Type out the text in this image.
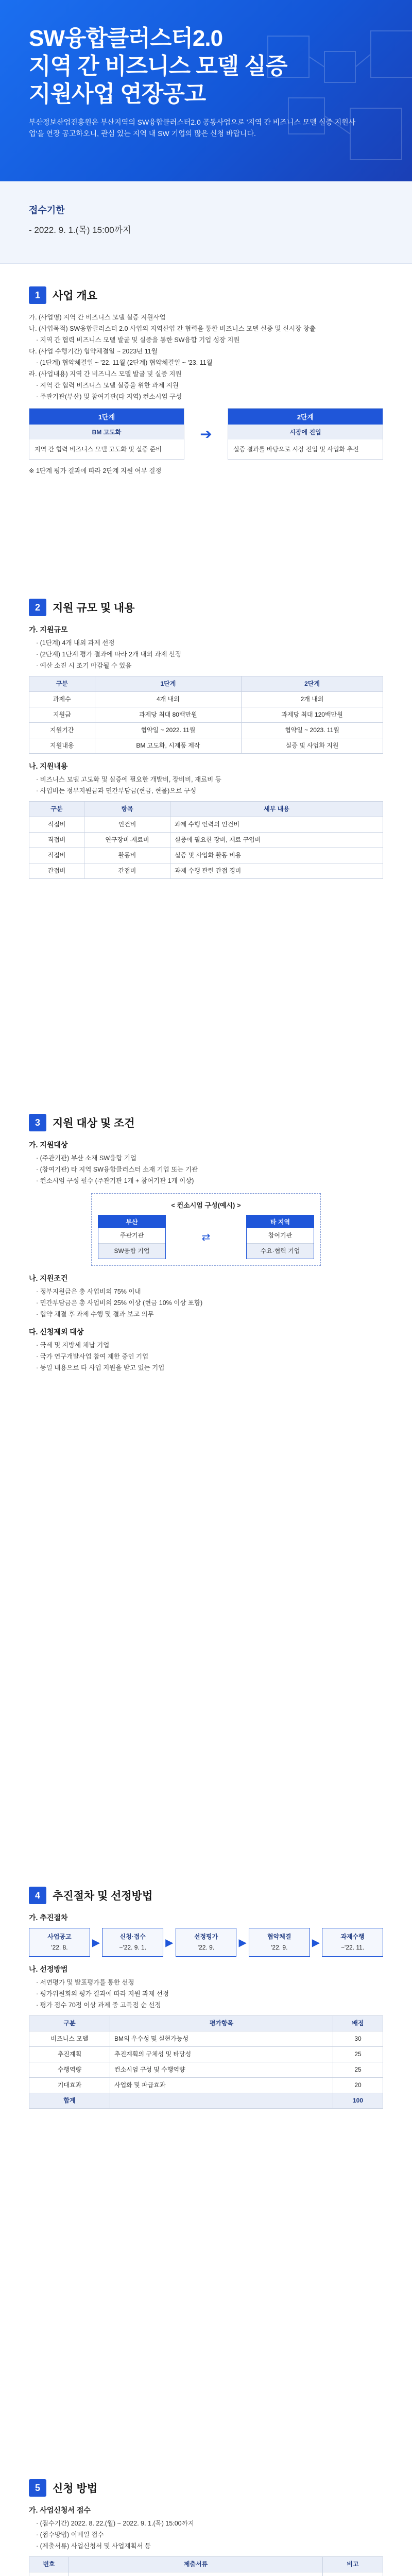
SW융합클러스터2.0
지역 간 비즈니스 모델 실증
지원사업 연장공고
부산정보산업진흥원은 부산지역의 SW융합클러스터2.0 공동사업으로 '지역 간 비즈니스 모델 실증 지원사업'을 연장 공고하오니, 관심 있는 지역 내 SW 기업의 많은 신청 바랍니다.
접수기한
- 2022. 9. 1.(목) 15:00까지
1	사업 개요

가. (사업명) 지역 간 비즈니스 모델 실증 지원사업

나. (사업목적) SW융합클러스터 2.0 사업의 지역산업 간 협력을 통한 비즈니스 모델 실증 및 신시장 창출

· 지역 간 협력 비즈니스 모델 발굴 및 실증을 통한 SW융합 기업 성장 지원

다. (사업 수행기간) 협약체결일 ~ 2023년 11월

· (1단계) 협약체결일 ~ '22. 11월 (2단계) 협약체결일 ~ '23. 11월

라. (사업내용) 지역 간 비즈니스 모델 발굴 및 실증 지원

· 지역 간 협력 비즈니스 모델 실증을 위한 과제 지원

· 주관기관(부산) 및 참여기관(타 지역) 컨소시엄 구성

1단계
BM 고도화
지역 간 협력 비즈니스 모델 고도화 및 실증 준비
➔
2단계
시장에 진입
실증 결과를 바탕으로 시장 진입 및 사업화 추진

※ 1단계 평가 결과에 따라 2단계 지원 여부 결정

2	지원 규모 및 내용
가. 지원규모

· (1단계) 4개 내외 과제 선정

· (2단계) 1단계 평가 결과에 따라 2개 내외 과제 선정

· 예산 소진 시 조기 마감될 수 있음

구분	1단계	2단계
과제수	4개 내외	2개 내외
지원금	과제당 최대 80백만원	과제당 최대 120백만원
지원기간	협약일 ~ 2022. 11월	협약일 ~ 2023. 11월
지원내용	BM 고도화, 시제품 제작	실증 및 사업화 지원
나. 지원내용

· 비즈니스 모델 고도화 및 실증에 필요한 개발비, 장비비, 재료비 등

· 사업비는 정부지원금과 민간부담금(현금, 현물)으로 구성

구분	항목	세부 내용
직접비	인건비	과제 수행 인력의 인건비
직접비	연구장비·재료비	실증에 필요한 장비, 재료 구입비
직접비	활동비	실증 및 사업화 활동 비용
간접비	간접비	과제 수행 관련 간접 경비
3	지원 대상 및 조건
가. 지원대상

· (주관기관) 부산 소재 SW융합 기업

· (참여기관) 타 지역 SW융합클러스터 소재 기업 또는 기관

· 컨소시엄 구성 필수 (주관기관 1개 + 참여기관 1개 이상)

< 컨소시엄 구성(예시) >
부산
주관기관
SW융합 기업
⇄
타 지역
참여기관
수요·협력 기업
나. 지원조건

· 정부지원금은 총 사업비의 75% 이내

· 민간부담금은 총 사업비의 25% 이상 (현금 10% 이상 포함)

· 협약 체결 후 과제 수행 및 결과 보고 의무

다. 신청제외 대상

· 국세 및 지방세 체납 기업

· 국가 연구개발사업 참여 제한 중인 기업

· 동일 내용으로 타 사업 지원을 받고 있는 기업

4	추진절차 및 선정방법
가. 추진절차
사업공고
'22. 8.	▶
신청·접수
~'22. 9. 1.	▶
선정평가
'22. 9.	▶
협약체결
'22. 9.	▶
과제수행
~'22. 11.
나. 선정방법

· 서면평가 및 발표평가를 통한 선정

· 평가위원회의 평가 결과에 따라 지원 과제 선정

· 평가 점수 70점 이상 과제 중 고득점 순 선정

구분	평가항목	배점
비즈니스 모델	BM의 우수성 및 실현가능성	30
추진계획	추진계획의 구체성 및 타당성	25
수행역량	컨소시엄 구성 및 수행역량	25
기대효과	사업화 및 파급효과	20
합계		100
5	신청 방법
가. 사업신청서 접수

· (접수기간) 2022. 8. 22.(월) ~ 2022. 9. 1.(목) 15:00까지

· (접수방법) 이메일 접수

· (제출서류) 사업신청서 및 사업계획서 등

번호	제출서류	비고
